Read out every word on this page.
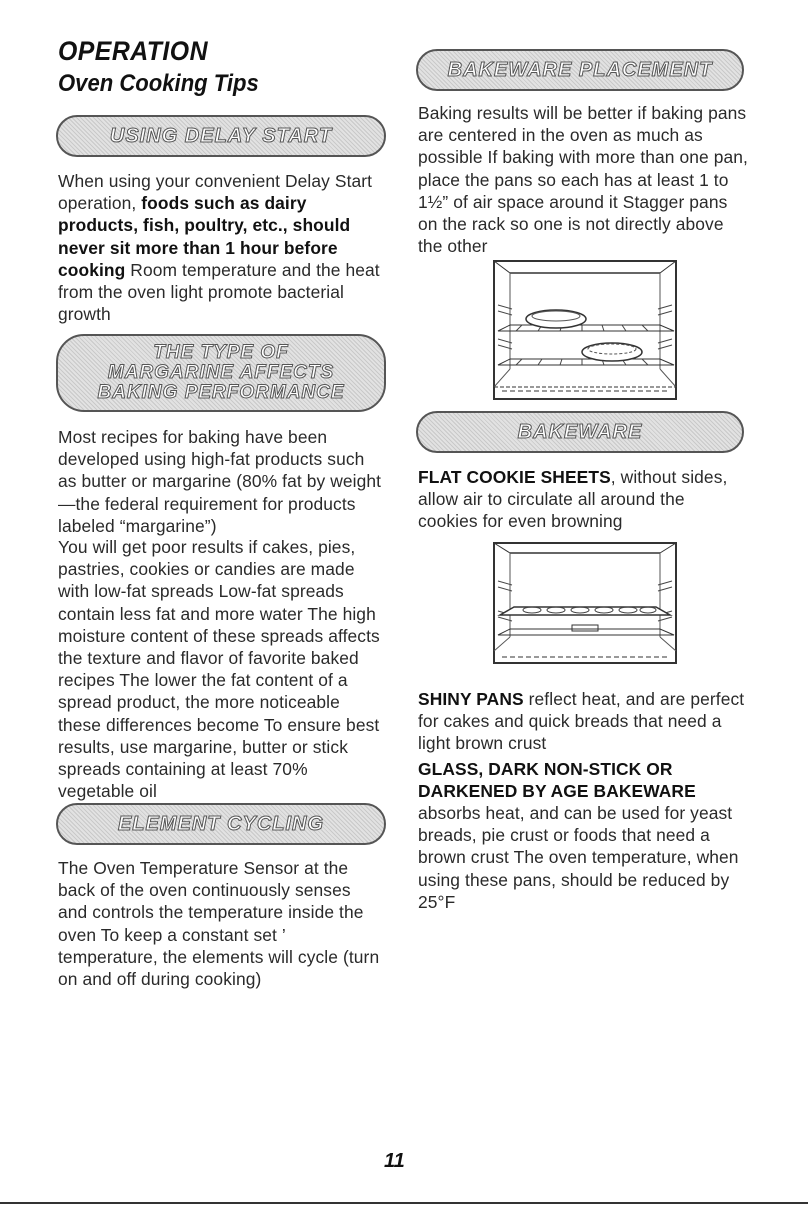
OPERATION
Oven Cooking Tips
USING DELAY START
When using your convenient Delay Start operation, foods such as dairy products, fish, poultry, etc., should never sit more than 1 hour before cooking Room temperature and the heat from the oven light promote bacterial growth
THE TYPE OF
MARGARINE AFFECTS
BAKING PERFORMANCE
Most recipes for baking have been developed using high-fat products such as butter or margarine (80% fat by weight—the federal requirement for products labeled “margarine”)
You will get poor results if cakes, pies, pastries, cookies or candies are made with low-fat spreads Low-fat spreads contain less fat and more water The high moisture content of these spreads affects the texture and flavor of favorite baked recipes The lower the fat content of a spread product, the more noticeable these differences become To ensure best results, use margarine, butter or stick spreads containing at least 70% vegetable oil
ELEMENT CYCLING
The Oven Temperature Sensor at the back of the oven continuously senses and controls the temperature inside the oven To keep a constant set ’ temperature, the elements will cycle (turn on and off during cooking)
BAKEWARE PLACEMENT
Baking results will be better if baking pans are centered in the oven as much as possible If baking with more than one pan, place the pans so each has at least 1 to 1½” of air space around it Stagger pans on the rack so one is not directly above the other
BAKEWARE
FLAT COOKIE SHEETS, without sides, allow air to circulate all around the cookies for even browning
SHINY PANS reflect heat, and are perfect for cakes and quick breads that need a light brown crust
GLASS, DARK NON-STICK OR DARKENED BY AGE BAKEWARE
absorbs heat, and can be used for yeast breads, pie crust or foods that need a brown crust The oven temperature, when using these pans, should be reduced by 25°F
11
